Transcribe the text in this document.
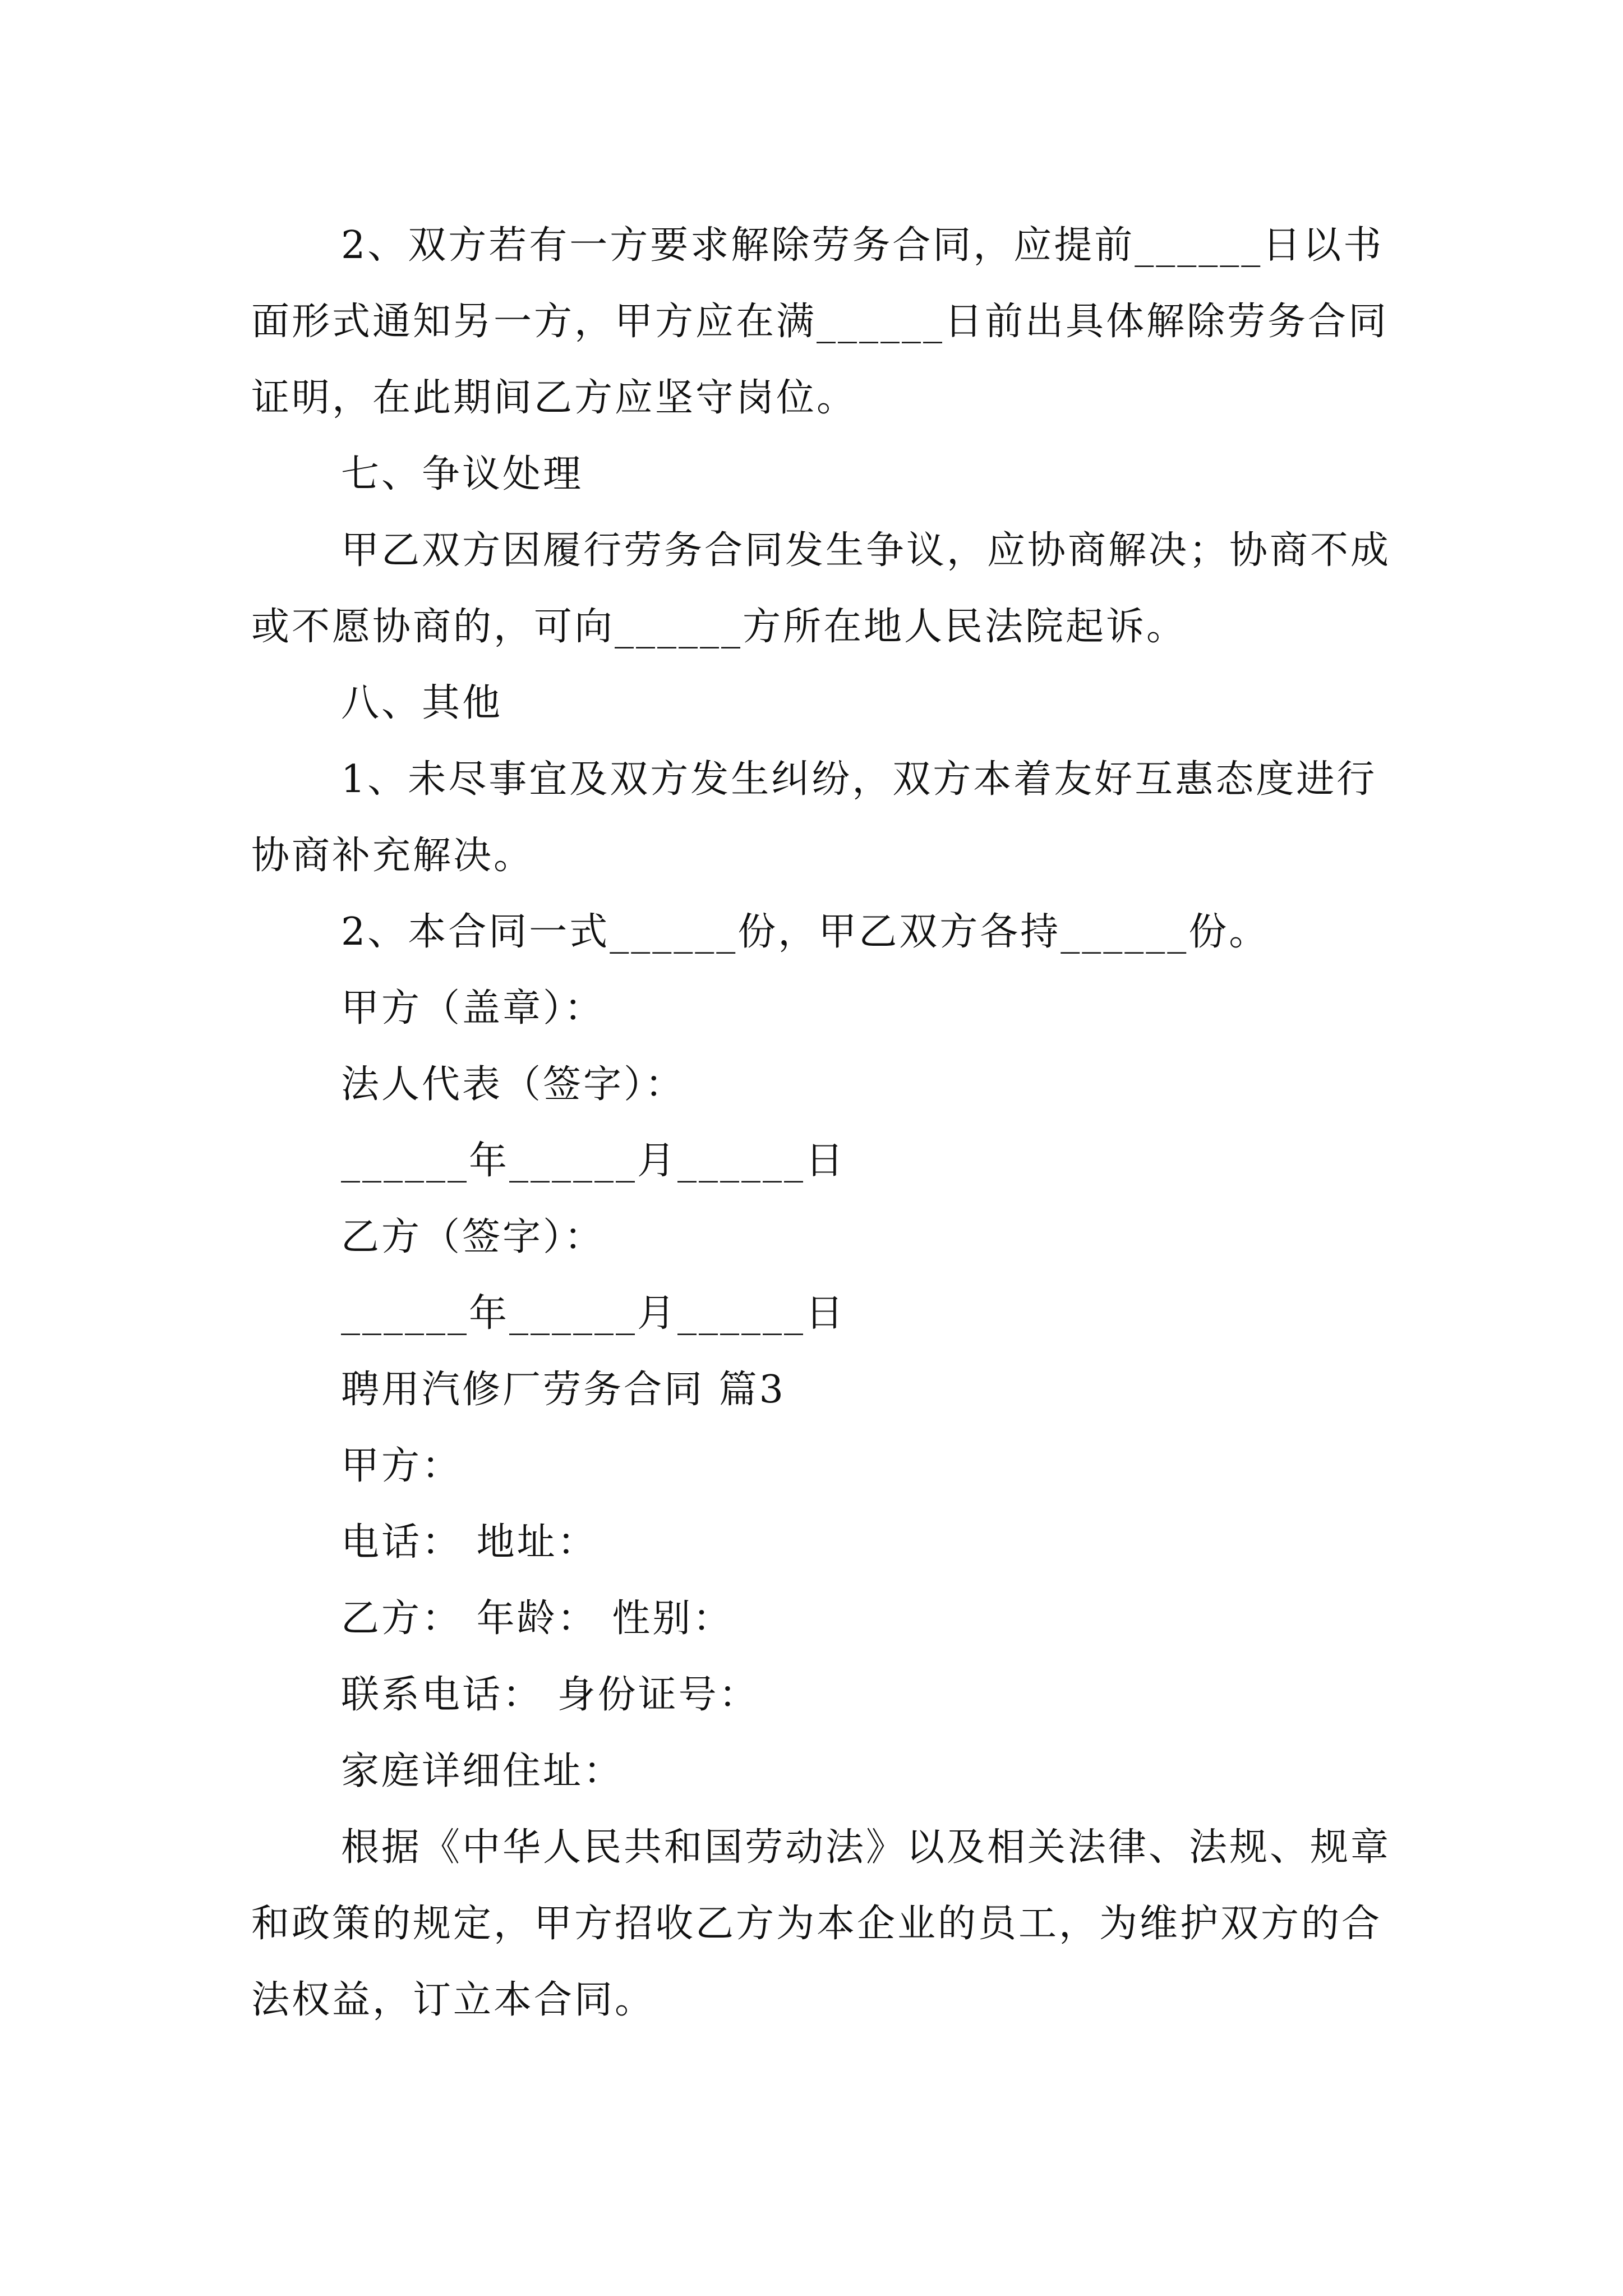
2、双方若有一方要求解除劳务合同，应提前______日以书面形式通知另一方，甲方应在满______日前出具体解除劳务合同证明，在此期间乙方应坚守岗位。

七、争议处理

甲乙双方因履行劳务合同发生争议，应协商解决；协商不成或不愿协商的，可向______方所在地人民法院起诉。

八、其他

1、未尽事宜及双方发生纠纷，双方本着友好互惠态度进行协商补充解决。

2、本合同一式______份，甲乙双方各持______份。

甲方（盖章）：

法人代表（签字）：

______年______月______日

乙方（签字）：

______年______月______日

聘用汽修厂劳务合同 篇3

甲方：

电话： 地址：

乙方： 年龄： 性别：

联系电话： 身份证号：

家庭详细住址：

根据《中华人民共和国劳动法》以及相关法律、法规、规章和政策的规定，甲方招收乙方为本企业的员工，为维护双方的合法权益，订立本合同。
